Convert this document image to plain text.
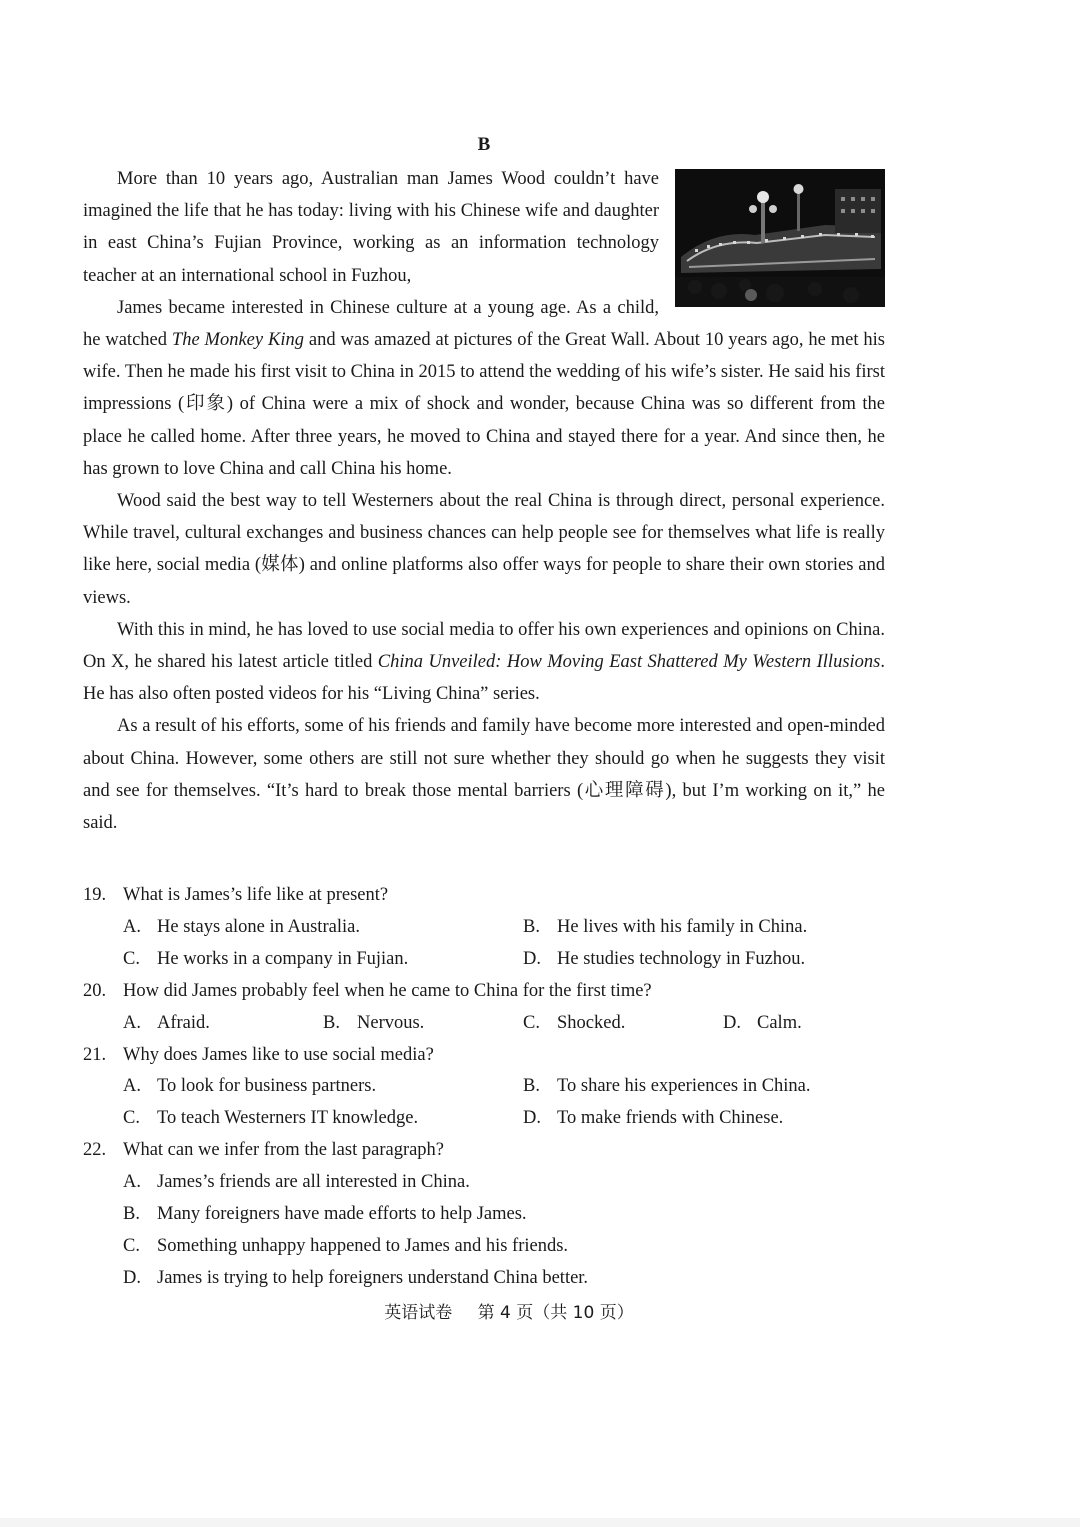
B

More than 10 years ago, Australian man James Wood couldn’t have imagined the life that he has today: living with his Chinese wife and daughter in east China’s Fujian Province, working as an information technology teacher at an international school in Fuzhou,

James became interested in Chinese culture at a young age. As a child, he watched The Monkey King and was amazed at pictures of the Great Wall. About 10 years ago, he met his wife. Then he made his first visit to China in 2015 to attend the wedding of his wife’s sister. He said his first impressions (印象) of China were a mix of shock and wonder, because China was so different from the place he called home. After three years, he moved to China and stayed there for a year. And since then, he has grown to love China and call China his home.

Wood said the best way to tell Westerners about the real China is through direct, personal experience. While travel, cultural exchanges and business chances can help people see for themselves what life is really like here, social media (媒体) and online platforms also offer ways for people to share their own stories and views.

With this in mind, he has loved to use social media to offer his own experiences and opinions on China. On X, he shared his latest article titled China Unveiled: How Moving East Shattered My Western Illusions. He has also often posted videos for his “Living China” series.

As a result of his efforts, some of his friends and family have become more interested and open-minded about China. However, some others are still not sure whether they should go when he suggests they visit and see for themselves. “It’s hard to break those mental barriers (心理障碍), but I’m working on it,” he said.

19. What is James’s life like at present?
A. He stays alone in Australia.	B. He lives with his family in China.
C. He works in a company in Fujian.	D. He studies technology in Fuzhou.
20. How did James probably feel when he came to China for the first time?
A. Afraid.	B. Nervous.	C. Shocked.	D. Calm.
21. Why does James like to use social media?
A. To look for business partners.	B. To share his experiences in China.
C. To teach Westerners IT knowledge.	D. To make friends with Chinese.
22. What can we infer from the last paragraph?
A. James’s friends are all interested in China.
B. Many foreigners have made efforts to help James.
C. Something unhappy happened to James and his friends.
D. James is trying to help foreigners understand China better.
英语试卷 第 4 页（共 10 页）
